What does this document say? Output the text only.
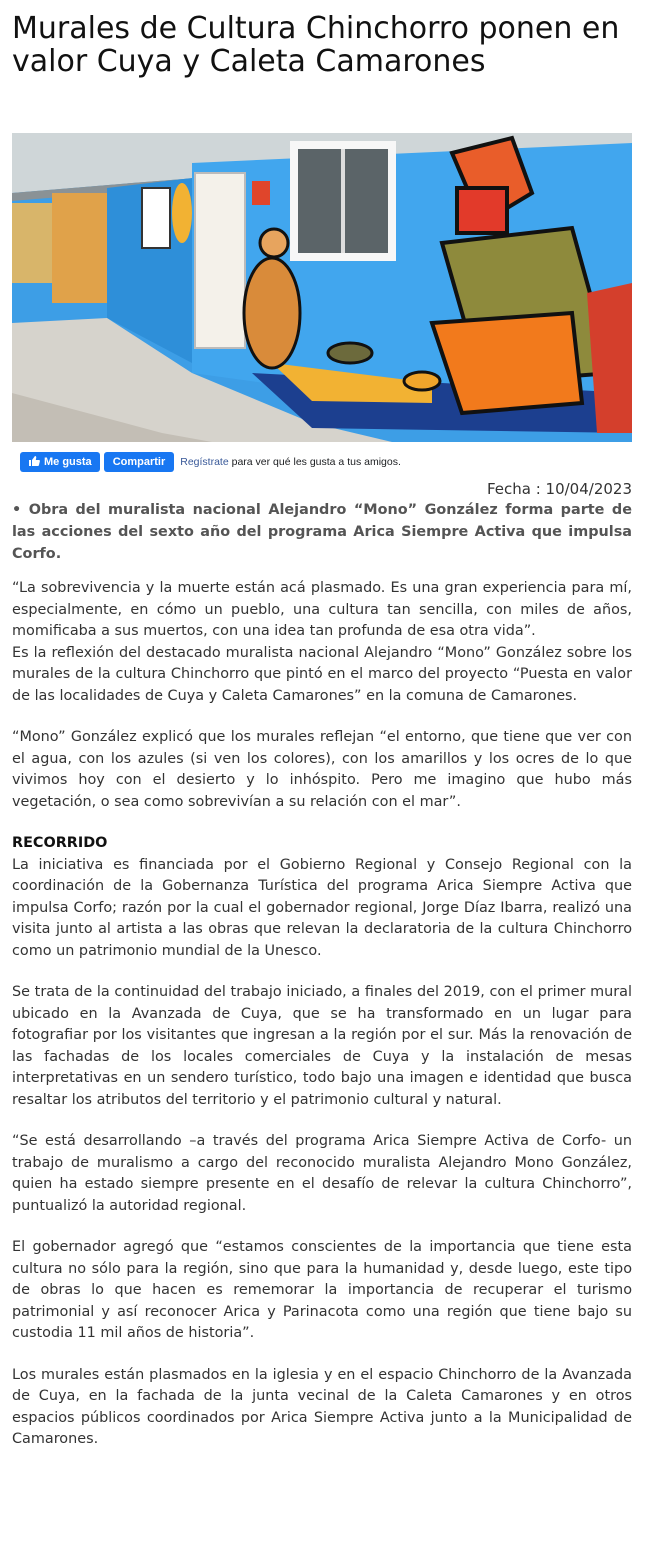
Murales de Cultura Chinchorro ponen en valor Cuya y Caleta Camarones
Me gusta Compartir Regístrate para ver qué les gusta a tus amigos.
Fecha : 10/04/2023

• Obra del muralista nacional Alejandro “Mono” González forma parte de las acciones del sexto año del programa Arica Siempre Activa que impulsa Corfo.

“La sobrevivencia y la muerte están acá plasmado. Es una gran experiencia para mí, especialmente, en cómo un pueblo, una cultura tan sencilla, con miles de años, momificaba a sus muertos, con una idea tan profunda de esa otra vida”.

Es la reflexión del destacado muralista nacional Alejandro “Mono” González sobre los murales de la cultura Chinchorro que pintó en el marco del proyecto “Puesta en valor de las localidades de Cuya y Caleta Camarones” en la comuna de Camarones.

“Mono” González explicó que los murales reflejan “el entorno, que tiene que ver con el agua, con los azules (si ven los colores), con los amarillos y los ocres de lo que vivimos hoy con el desierto y lo inhóspito. Pero me imagino que hubo más vegetación, o sea como sobrevivían a su relación con el mar”.

RECORRIDO

La iniciativa es financiada por el Gobierno Regional y Consejo Regional con la coordinación de la Gobernanza Turística del programa Arica Siempre Activa que impulsa Corfo; razón por la cual el gobernador regional, Jorge Díaz Ibarra, realizó una visita junto al artista a las obras que relevan la declaratoria de la cultura Chinchorro como un patrimonio mundial de la Unesco.

Se trata de la continuidad del trabajo iniciado, a finales del 2019, con el primer mural ubicado en la Avanzada de Cuya, que se ha transformado en un lugar para fotografiar por los visitantes que ingresan a la región por el sur. Más la renovación de las fachadas de los locales comerciales de Cuya y la instalación de mesas interpretativas en un sendero turístico, todo bajo una imagen e identidad que busca resaltar los atributos del territorio y el patrimonio cultural y natural.

“Se está desarrollando –a través del programa Arica Siempre Activa de Corfo- un trabajo de muralismo a cargo del reconocido muralista Alejandro Mono González, quien ha estado siempre presente en el desafío de relevar la cultura Chinchorro”, puntualizó la autoridad regional.

El gobernador agregó que “estamos conscientes de la importancia que tiene esta cultura no sólo para la región, sino que para la humanidad y, desde luego, este tipo de obras lo que hacen es rememorar la importancia de recuperar el turismo patrimonial y así reconocer Arica y Parinacota como una región que tiene bajo su custodia 11 mil años de historia”.

Los murales están plasmados en la iglesia y en el espacio Chinchorro de la Avanzada de Cuya, en la fachada de la junta vecinal de la Caleta Camarones y en otros espacios públicos coordinados por Arica Siempre Activa junto a la Municipalidad de Camarones.
